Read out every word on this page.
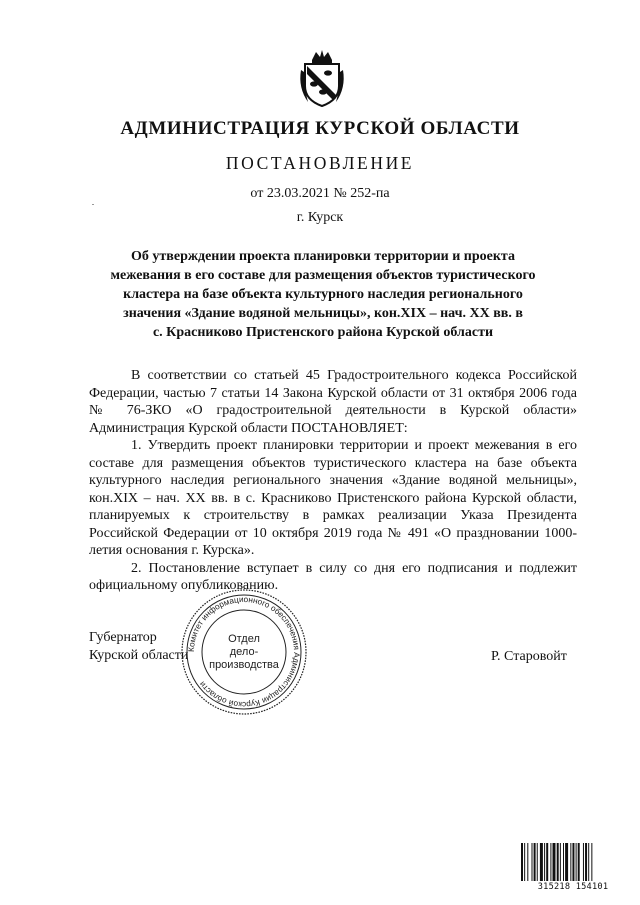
АДМИНИСТРАЦИЯ КУРСКОЙ ОБЛАСТИ
ПОСТАНОВЛЕНИЕ
от 23.03.2021 № 252-па
г. Курск
Об утверждении проекта планировки территории и проекта
межевания в его составе для размещения объектов туристического
кластера на базе объекта культурного наследия регионального
значения «Здание водяной мельницы», кон.XIX – нач. XX вв. в
с. Красниково Пристенского района Курской области

В соответствии со статьей 45 Градостроительного кодекса Российской Федерации, частью 7 статьи 14 Закона Курской области от 31 октября 2006 года № 76-ЗКО «О градостроительной деятельности в Курской области» Администрация Курской области ПОСТАНОВЛЯЕТ:

1. Утвердить проект планировки территории и проект межевания в его составе для размещения объектов туристического кластера на базе объекта культурного наследия регионального значения «Здание водяной мельницы», кон.XIX – нач. XX вв. в с. Красниково Пристенского района Курской области, планируемых к строительству в рамках реализации Указа Президента Российской Федерации от 10 октября 2019 года № 491 «О праздновании 1000-летия основания г. Курска».

2. Постановление вступает в силу со дня его подписания и подлежит официальному опубликованию.

Губернатор
Курской области	Р. Старовойт
Комитет информационного обеспечения Администрации Курской области
Отдел
дело-
производства
315218 154101
